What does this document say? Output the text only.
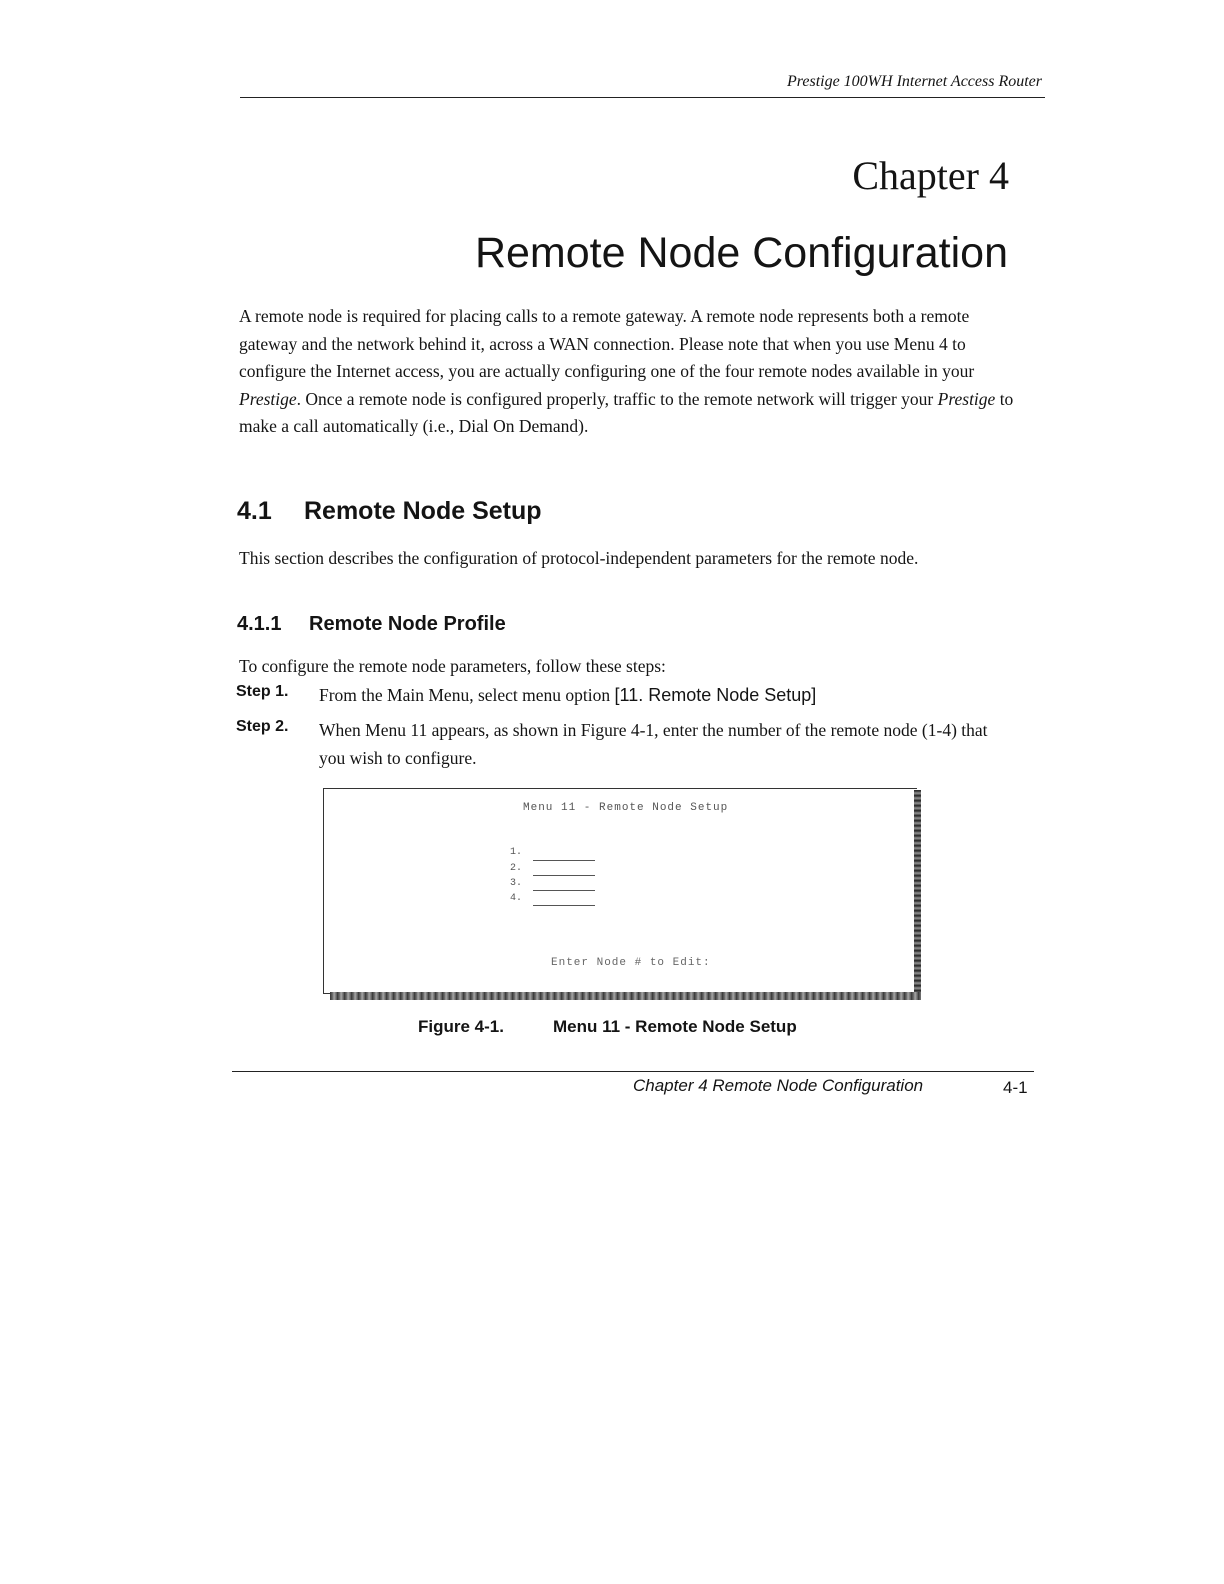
Prestige 100WH Internet Access Router
Chapter 4
Remote Node Configuration
A remote node is required for placing calls to a remote gateway. A remote node represents both a remote gateway and the network behind it, across a WAN connection. Please note that when you use Menu 4 to configure the Internet access, you are actually configuring one of the four remote nodes available in your Prestige. Once a remote node is configured properly, traffic to the remote network will trigger your Prestige to make a call automatically (i.e., Dial On Demand).
4.1 Remote Node Setup
This section describes the configuration of protocol-independent parameters for the remote node.
4.1.1 Remote Node Profile
To configure the remote node parameters, follow these steps:
Step 1. From the Main Menu, select menu option [11. Remote Node Setup]
Step 2. When Menu 11 appears, as shown in Figure 4-1, enter the number of the remote node (1-4) that you wish to configure.
Menu 11 - Remote Node Setup
1.
2.
3.
4.
Enter Node # to Edit:
Figure 4-1.	Menu 11 - Remote Node Setup
Chapter 4 Remote Node Configuration	4-1
